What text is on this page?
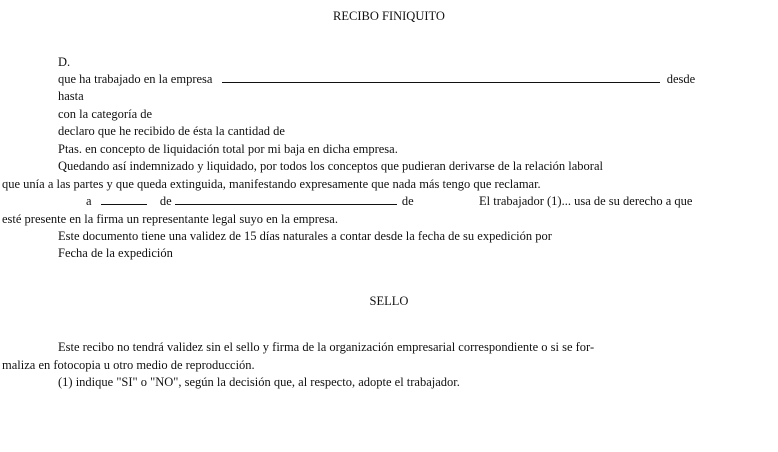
RECIBO FINIQUITO
D.
que ha trabajado en la empresa	desde
hasta
con la categoría de
declaro que he recibido de ésta la cantidad de
Ptas. en concepto de liquidación total por mi baja en dicha empresa.
Quedando así indemnizado y liquidado, por todos los conceptos que pudieran derivarse de la relación laboral
que unía a las partes y que queda extinguida, manifestando expresamente que nada más tengo que reclamar.
a	de	de	El trabajador (1)... usa de su derecho a que
esté presente en la firma un representante legal suyo en la empresa.
Este documento tiene una validez de 15 días naturales a contar desde la fecha de su expedición por
Fecha de la expedición
SELLO
Este recibo no tendrá validez sin el sello y firma de la organización empresarial correspondiente o si se for-
maliza en fotocopia u otro medio de reproducción.
(1) indique "SI" o "NO", según la decisión que, al respecto, adopte el trabajador.
